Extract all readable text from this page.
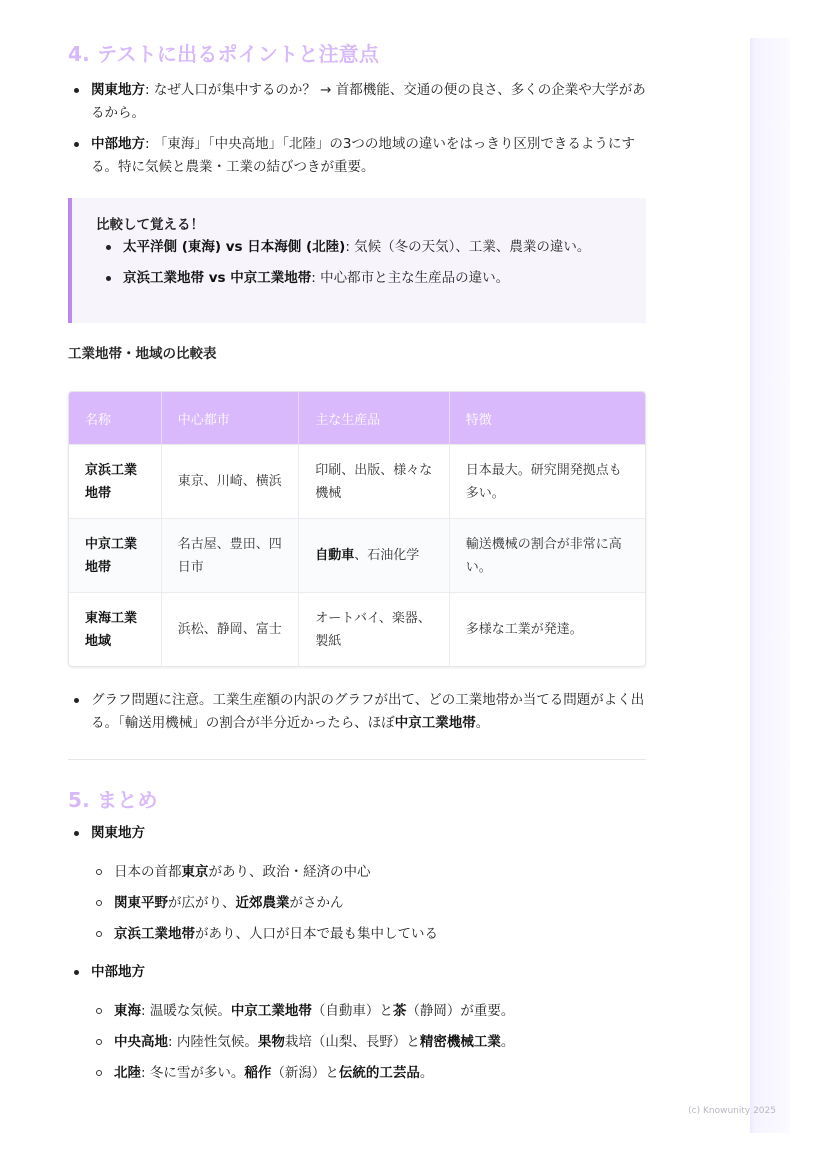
4. テストに出るポイントと注意点
関東地方: なぜ人口が集中するのか？ → 首都機能、交通の便の良さ、多くの企業や大学があるから。
中部地方: 「東海」「中央高地」「北陸」の3つの地域の違いをはっきり区別できるようにする。特に気候と農業・工業の結びつきが重要。
比較して覚える！
太平洋側 (東海) vs 日本海側 (北陸): 気候（冬の天気）、工業、農業の違い。
京浜工業地帯 vs 中京工業地帯: 中心都市と主な生産品の違い。
工業地帯・地域の比較表
名称	中心都市	主な生産品	特徴
京浜工業地帯	東京、川崎、横浜	印刷、出版、様々な機械	日本最大。研究開発拠点も多い。
中京工業地帯	名古屋、豊田、四日市	自動車、石油化学	輸送機械の割合が非常に高い。
東海工業地域	浜松、静岡、富士	オートバイ、楽器、製紙	多様な工業が発達。
グラフ問題に注意。工業生産額の内訳のグラフが出て、どの工業地帯か当てる問題がよく出る。「輸送用機械」の割合が半分近かったら、ほぼ中京工業地帯。
5. まとめ
関東地方
日本の首都東京があり、政治・経済の中心
関東平野が広がり、近郊農業がさかん
京浜工業地帯があり、人口が日本で最も集中している
中部地方
東海: 温暖な気候。中京工業地帯（自動車）と茶（静岡）が重要。
中央高地: 内陸性気候。果物栽培（山梨、長野）と精密機械工業。
北陸: 冬に雪が多い。稲作（新潟）と伝統的工芸品。
(c) Knowunity 2025
